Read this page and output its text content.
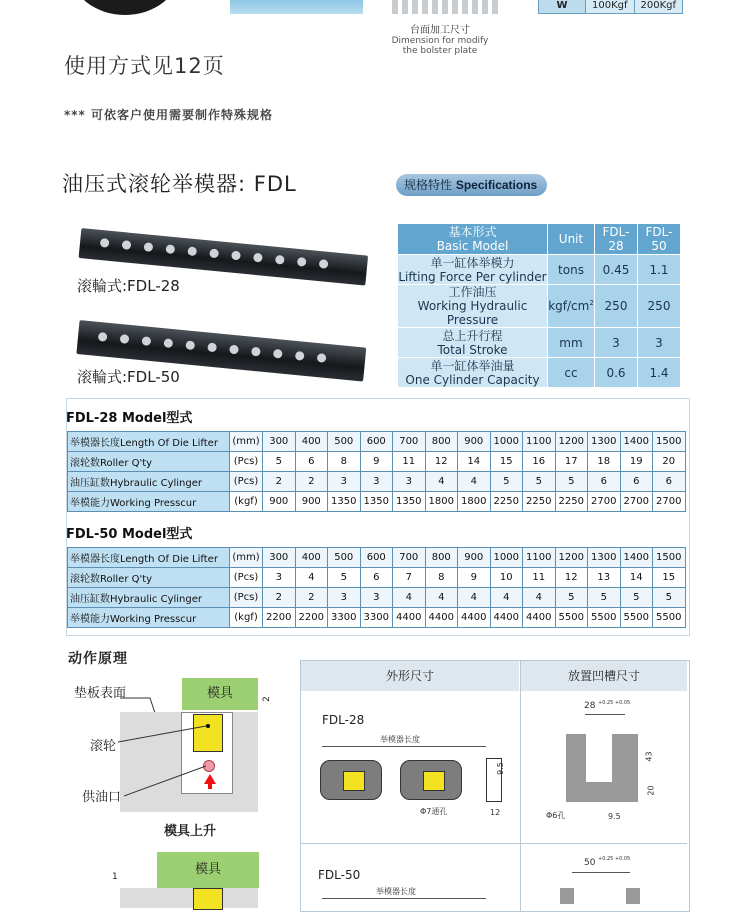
台面加工尺寸
Dimension for modify
the bolster plate
W	100Kgf	200Kgf
使用方式见12页
*** 可依客户使用需要制作特殊规格
油压式滚轮举模器: FDL	规格特性 Specifications
滚輪式:FDL-28
滚輪式:FDL-50
基本形式
Basic Model	Unit	FDL-28	FDL-50

单一缸体举模力
Lifting Force Per cylinder	tons	0.45	1.1

工作油压
Working Hydraulic Pressure	kgf/$cm^2$	250	250

总上升行程
Total Stroke	mm	3	3

单一缸体举油量
One Cylinder Capacity	cc	0.6	1.4
FDL-28 Model型式
举模器长度Length Of Die Lifter	(mm)	300	400	500	600	700	800	900	1000	1100	1200	1300	1400	1500
滚轮数Roller Q'ty	(Pcs)	5	6	8	9	11	12	14	15	16	17	18	19	20
油压缸数Hybraulic Cylinger	(Pcs)	2	2	3	3	3	4	4	5	5	5	6	6	6
举模能力Working Presscur	(kgf)	900	900	1350	1350	1350	1800	1800	2250	2250	2250	2700	2700	2700
FDL-50 Model型式
举模器长度Length Of Die Lifter	(mm)	300	400	500	600	700	800	900	1000	1100	1200	1300	1400	1500
滚轮数Roller Q'ty	(Pcs)	3	4	5	6	7	8	9	10	11	12	13	14	15
油压缸数Hybraulic Cylinger	(Pcs)	2	2	3	3	4	4	4	4	4	5	5	5	5
举模能力Working Presscur	(kgf)	2200	2200	3300	3300	4400	4400	4400	4400	4400	5500	5500	5500	5500
动作原理
垫板表面	模具	2
滚轮
供油口
模具上升
模具
1
外形尺寸	放置凹槽尺寸
FDL-28
举模器长度
9.5
Φ7通孔	12
FDL-50
举模器长度
28 +0.25 +0.05
43
20
Φ6孔	9.5
50 +0.25 +0.05
